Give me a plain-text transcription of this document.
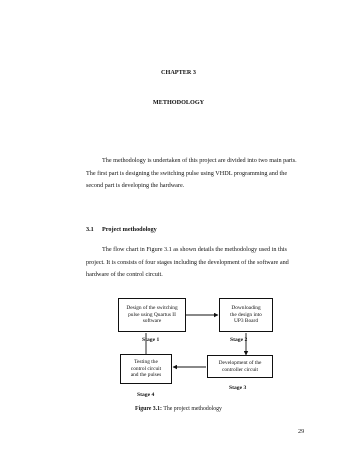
CHAPTER 3
METHODOLOGY
The methodology is undertaken of this project are divided into two main parts.
The first part is designing the switching pulse using VHDL programming and the
second part is developing the hardware.
3.1 Project methodology
The flow chart in Figure 3.1 as shown details the methodology used in this
project. It is consists of four stages including the development of the software and
hardware of the control circuit.
Design of the switching
pulse using Quartus II
software
Downloading
the design into
UP3 Board
Development of the
controller circuit
Testing the
control circuit
and the pulses
Stage 1	Stage 2
Stage 3
Stage 4
Figure 3.1: The project methodology
29
